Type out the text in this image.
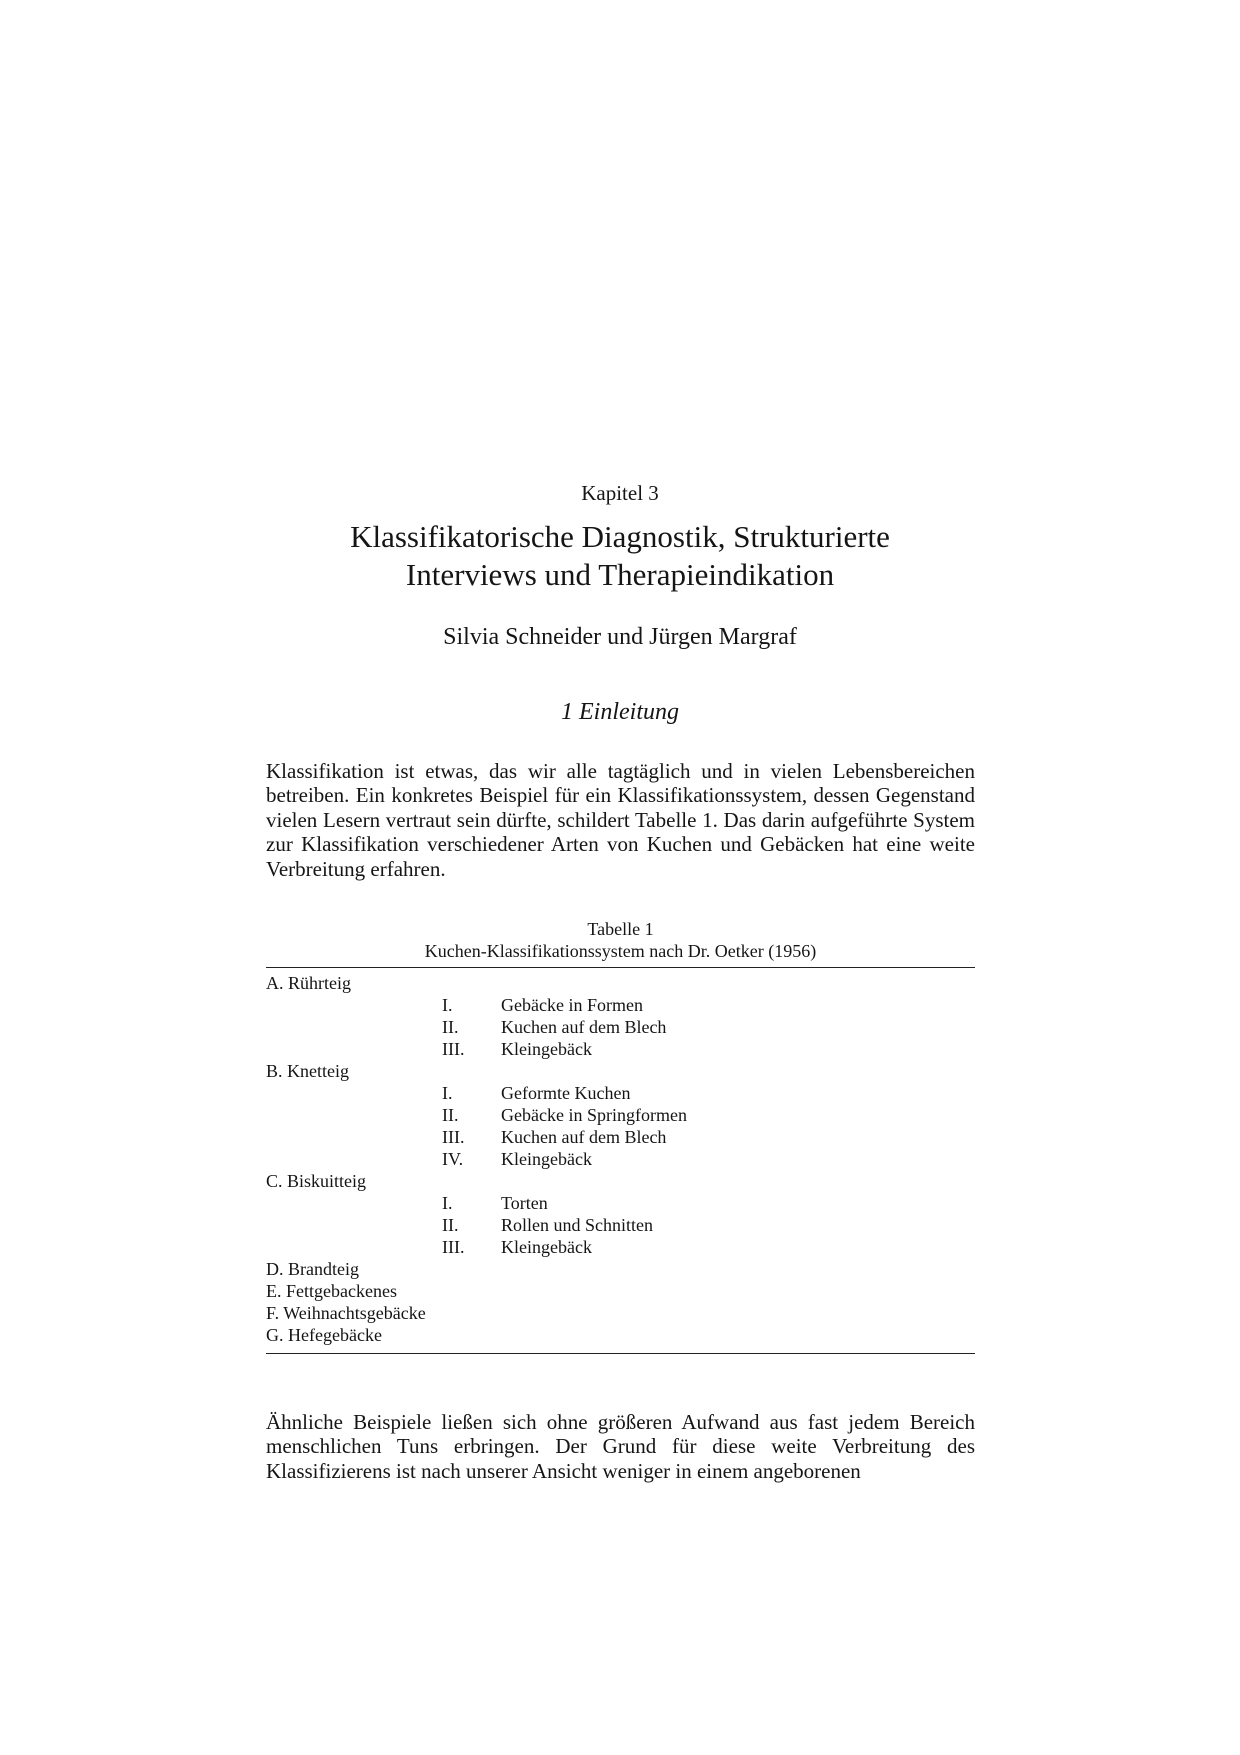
Kapitel 3
Klassifikatorische Diagnostik, Strukturierte
Interviews und Therapieindikation
Silvia Schneider und Jürgen Margraf
1 Einleitung

Klassifikation ist etwas, das wir alle tagtäglich und in vielen Lebensbereichen betreiben. Ein konkretes Beispiel für ein Klassifikationssystem, dessen Gegenstand vielen Lesern vertraut sein dürfte, schildert Tabelle 1. Das darin aufgeführte System zur Klassifikation verschiedener Arten von Kuchen und Gebäcken hat eine weite Verbreitung erfahren.

Tabelle 1
Kuchen-Klassifikationssystem nach Dr. Oetker (1956)
A. Rührteig
I.	Gebäcke in Formen
II. Kuchen auf dem Blech
III. Kleingebäck
B. Knetteig
I.	Geformte Kuchen
II. Gebäcke in Springformen
III. Kuchen auf dem Blech
IV. Kleingebäck
C. Biskuitteig
I.	Torten
II. Rollen und Schnitten
III. Kleingebäck
D. Brandteig
E. Fettgebackenes
F. Weihnachtsgebäcke
G. Hefegebäcke

Ähnliche Beispiele ließen sich ohne größeren Aufwand aus fast jedem Bereich menschlichen Tuns erbringen. Der Grund für diese weite Verbreitung des Klassifizierens ist nach unserer Ansicht weniger in einem angeborenen
